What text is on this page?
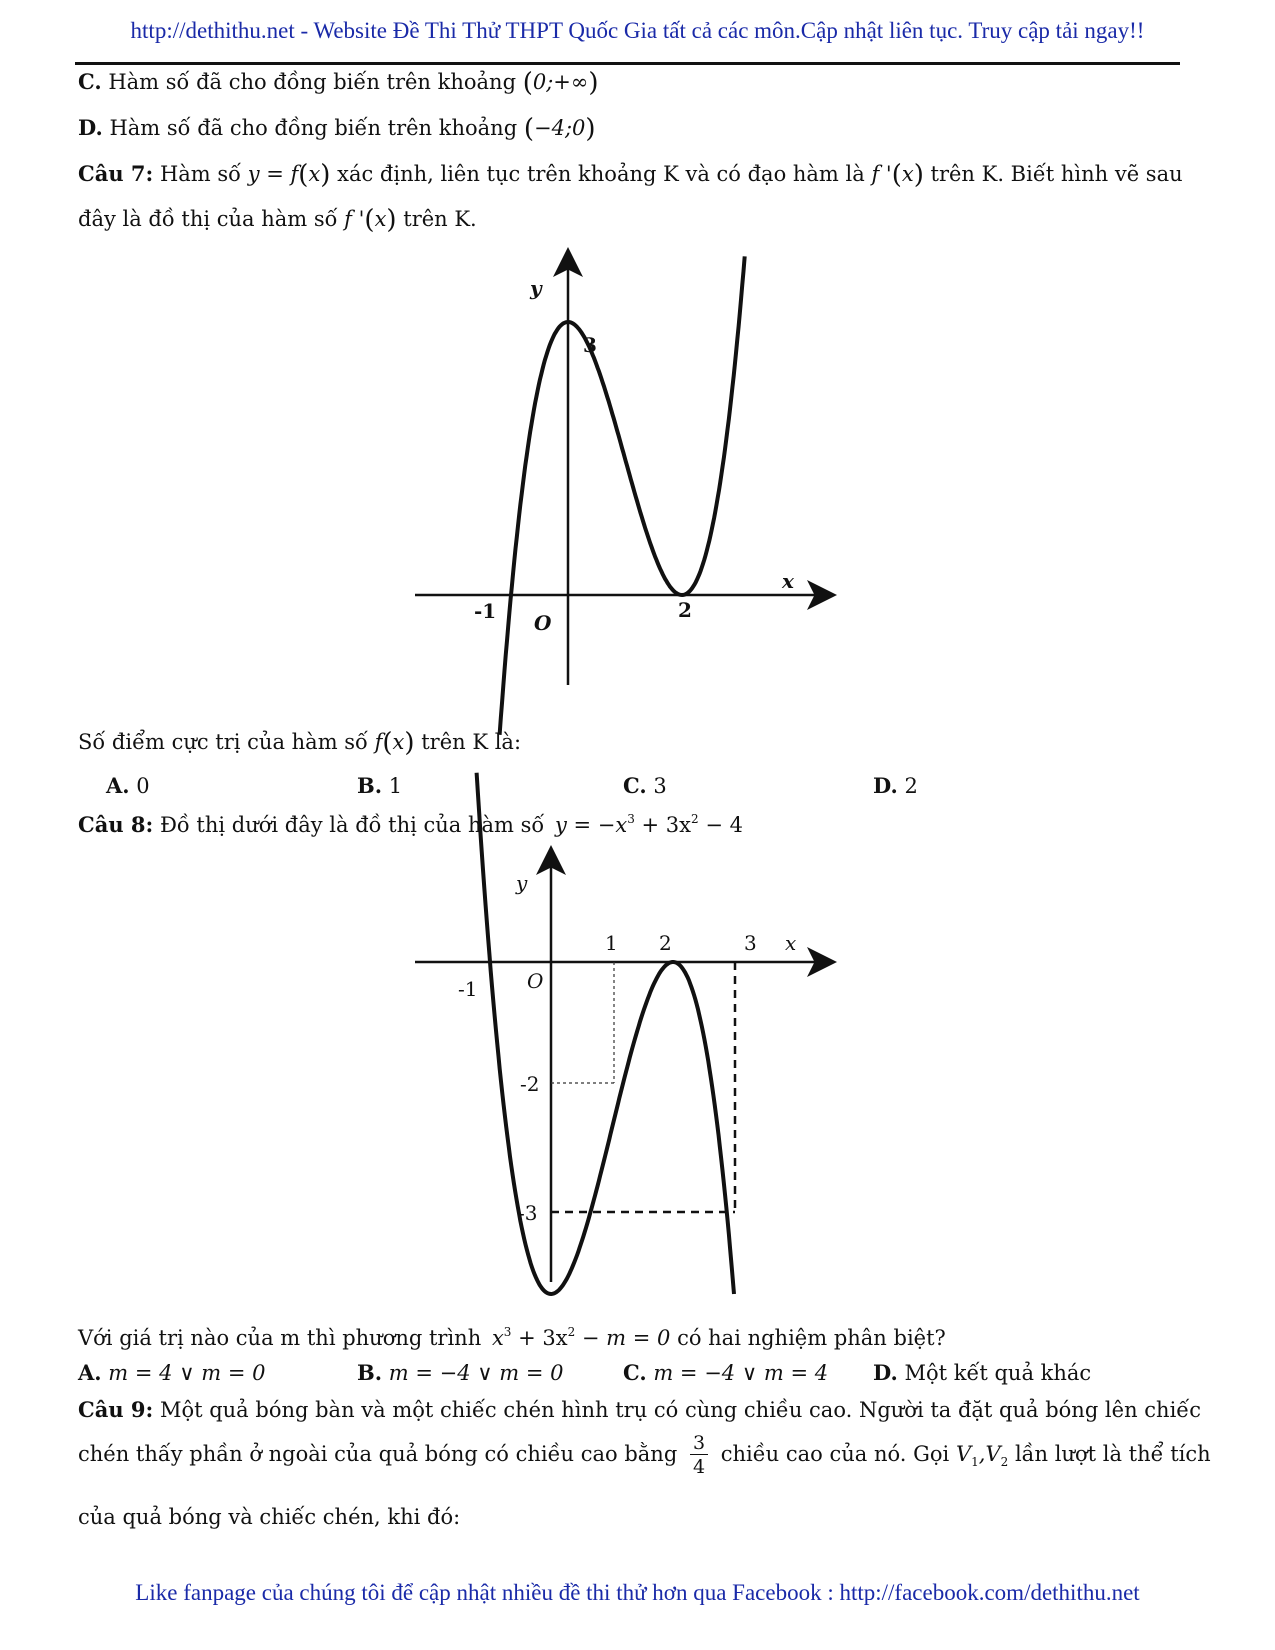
http://dethithu.net - Website Đề Thi Thử THPT Quốc Gia tất cả các môn.Cập nhật liên tục. Truy cập tải ngay!!
C. Hàm số đã cho đồng biến trên khoảng (0;+∞)
D. Hàm số đã cho đồng biến trên khoảng (−4;0)
Câu 7: Hàm số y = f(x) xác định, liên tục trên khoảng K và có đạo hàm là f '(x) trên K. Biết hình vẽ sau
đây là đồ thị của hàm số f '(x) trên K.
y
x
O
-1	2
3
Số điểm cực trị của hàm số f(x) trên K là:
A. 0	B. 1	C. 3	D. 2
Câu 8: Đồ thị dưới đây là đồ thị của hàm số $y = -x^3 + 3x^2 - 4$
y
x
O
1 2	3
-1
-2
-3
Với giá trị nào của m thì phương trình $x^3 + 3x^2 - m = 0$ có hai nghiệm phân biệt?
A. m = 4 ∨ m = 0	B. m = −4 ∨ m = 0	C. m = −4 ∨ m = 4 D. Một kết quả khác
Câu 9: Một quả bóng bàn và một chiếc chén hình trụ có cùng chiều cao. Người ta đặt quả bóng lên chiếc
chén thấy phần ở ngoài của quả bóng có chiều cao bằng $\frac{3}{4}$ chiều cao của nó. Gọi $V_1,V_2$ lần lượt là thể tích
của quả bóng và chiếc chén, khi đó:
Like fanpage của chúng tôi để cập nhật nhiều đề thi thử hơn qua Facebook : http://facebook.com/dethithu.net
